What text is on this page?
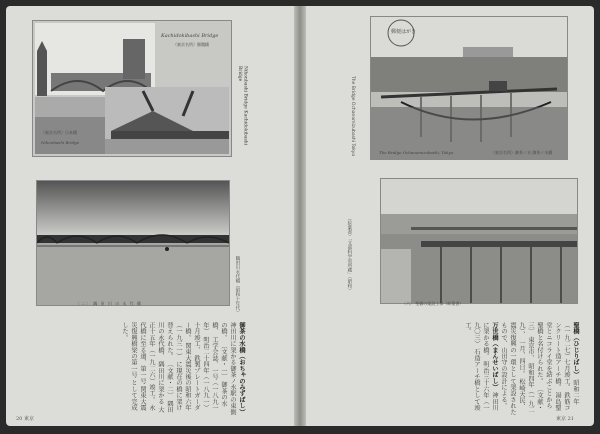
Kachidokibashi Bridge
（東京名所）勝鬨橋
（東京名所）日本橋
Nihonbashi Bridge	Nihonbashi Bridge Kachidokibashi Bridge
〔二〕 隅 田 川 の 永 代 橋	隅田川永代橋（昭和十年代）
御茶の水橋（おちゃのみずばし） 神田川に架かる御茶ノ水駅の東側の橋。 〔文献・一〕 御茶の水橋、 工学会誌、一号（一八九一年） 明治二十四年（一八九一） 十月竣工、 鉄製プレートガーダー橋。 関東大震災後の昭和六年（一九三一） に現在の橋に架け替えられた。 〔文献・二〕 隅田川の永代橋、 隅田川に架かる 大正十五年（一九二六）竣工。 永代橋に至る道、第一号 関東大震災復興橋梁の第一号 として完成した。
20 東京
The Bridge Ochanomizubashi Tokyo
郵便はがき
The Bridge Ochanomizubashi, Tokyo	（東京名所）御茶ノ水 御茶ノ水橋
〔六〕 聖橋の架設工事（絵葉書）
（絵葉書）「文部科学省所蔵」（昭和）
聖橋（ひじりばし） 昭和二年（一九二七）七月竣工。 鉄筋コンクリート造アーチ橋。 湯島聖堂とニコライ堂を結ぶことから 聖橋と名付けられた。 〔文献・三〕 東京市、 昭和四年（一九二九）、 一月、四日。 松崎天民、 震災復興の一環として架設された もので、山田守の設計による。 万世橋（まんせいばし） 神田川に架かる橋。 明治三十六年（一九〇三） 石造アーチ橋として竣工。
東京 21
